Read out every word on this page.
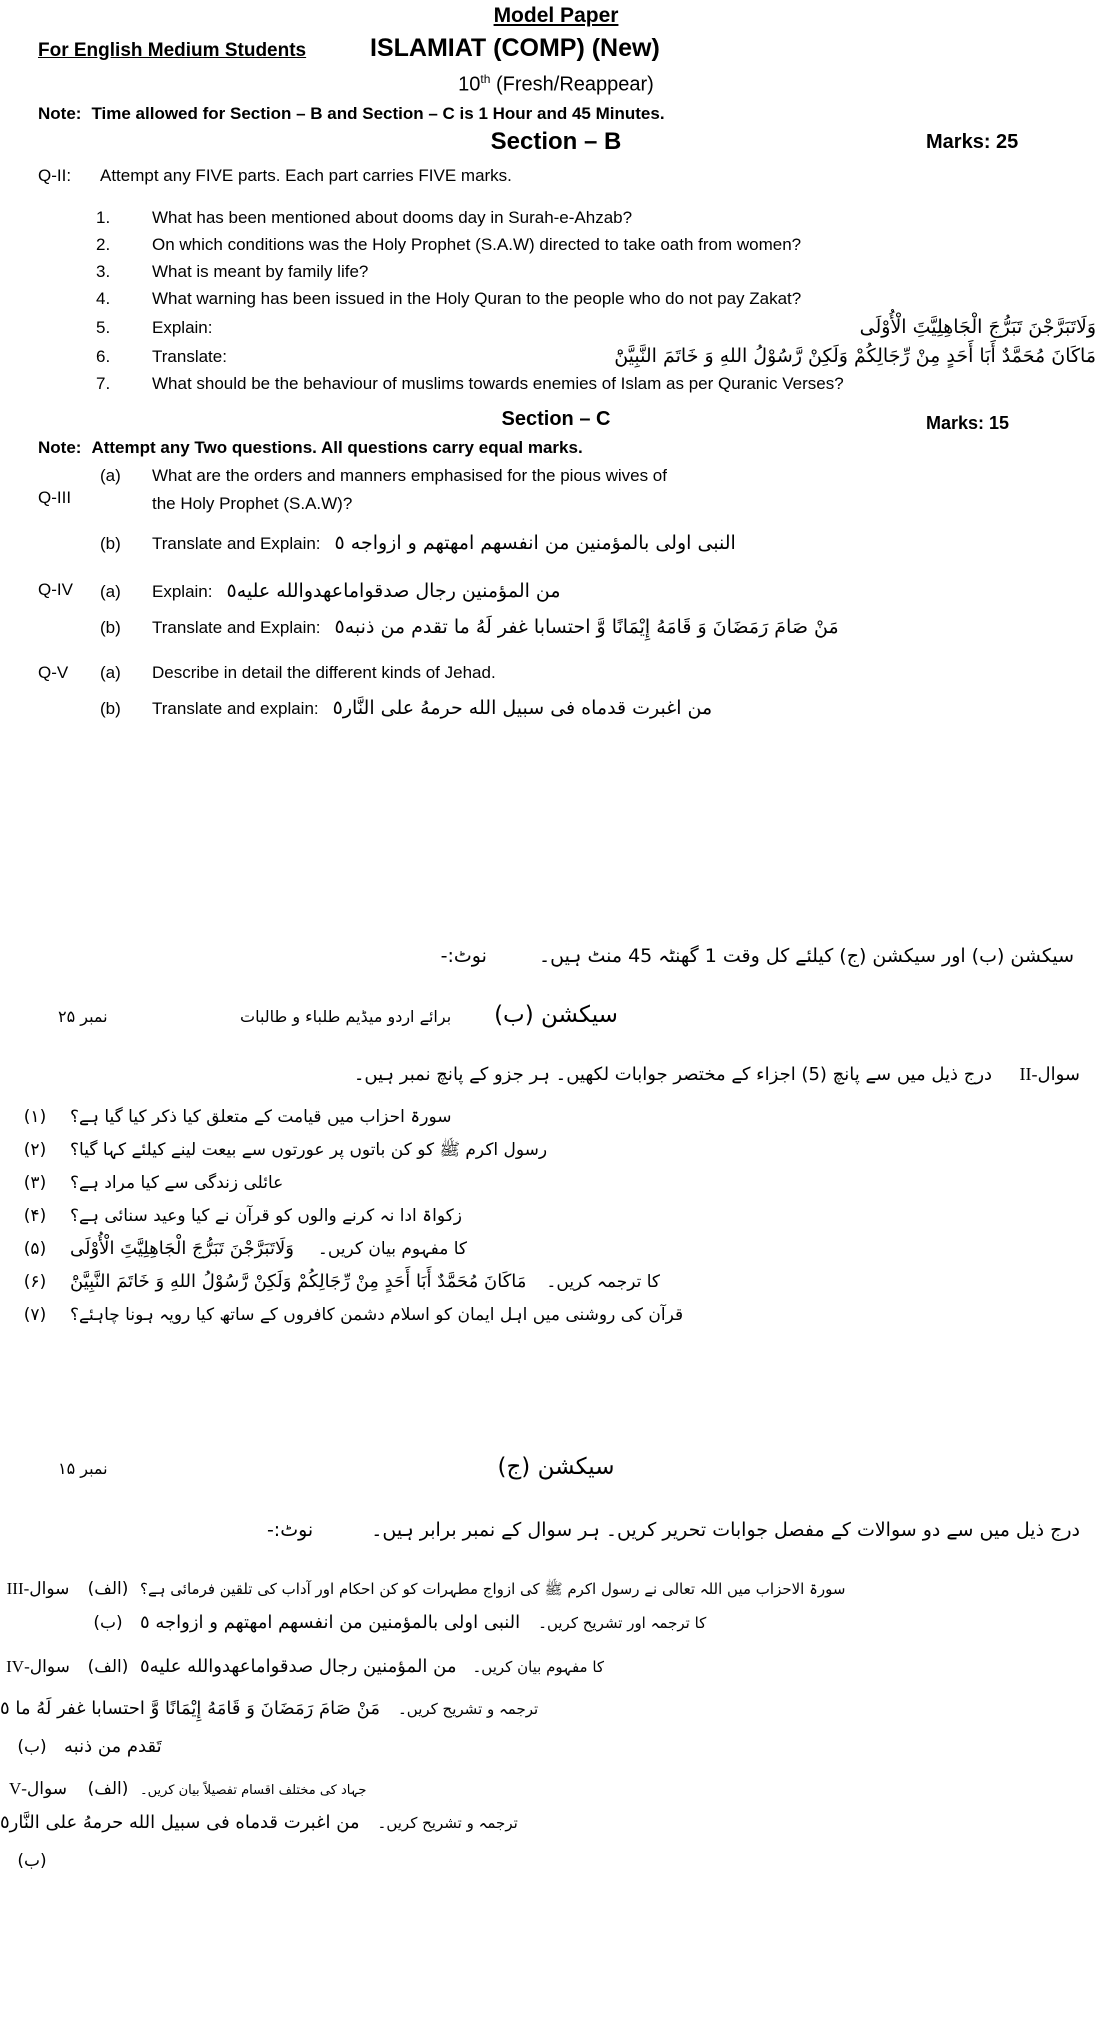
Model Paper
For English Medium Students	ISLAMIAT (COMP) (New)
10th (Fresh/Reappear)
Note: Time allowed for Section – B and Section – C is 1 Hour and 45 Minutes.
Section – B	Marks: 25
Q-II: Attempt any FIVE parts. Each part carries FIVE marks.
1.	What has been mentioned about dooms day in Surah-e-Ahzab?
2.	On which conditions was the Holy Prophet (S.A.W) directed to take oath from women?
3.	What is meant by family life?
4.	What warning has been issued in the Holy Quran to the people who do not pay Zakat?
5.	Explain:	وَلَاتَبَرَّجْنَ تَبَرُّجَ الْجَاهِلِيَّتَِ الْأُوْلَى
6.	Translate:	مَاكَانَ مُحَمَّدٌ أَبَا أَحَدٍ مِنْ رِّجَالِكُمْ وَلَكِنْ رَّسُوْلُ اللهِ وَ خَاتَمَ النَّبِيَّنَْ
7.	What should be the behaviour of muslims towards enemies of Islam as per Quranic Verses?
Section – C	Marks: 15
Note: Attempt any Two questions. All questions carry equal marks.
Q-III
(a)	What are the orders and manners emphasised for the pious wives of
the Holy Prophet (S.A.W)?
(b)	Translate and Explain: النبى اولى بالمؤمنين من انفسهم امهتهم و ازواجه ٥
Q-IV (a)	Explain: من المؤمنين رجال صدقواماعهدوالله عليه٥
(b)	Translate and Explain: مَنْ صَامَ رَمَضَانَ وَ قَامَهُ إِيْمَانًا وَّ احتسابا غفر لَهُ ما تقدم من ذنبه٥
Q-V (a)	Describe in detail the different kinds of Jehad.
(b)	Translate and explain: من اغبرت قدماه فى سبيل الله حرمهُ على النَّار٥
سیکشن (ب) اور سیکشن (ج) کیلئے کل وقت 1 گھنٹہ 45 منٹ ہیں۔  نوٹ:-
سیکشن (ب)
برائے اردو میڈیم طلباء و طالبات
نمبر ۲۵
سوال-II  درج ذیل میں سے پانچ (5) اجزاء کے مختصر جوابات لکھیں۔ ہر جزو کے پانچ نمبر ہیں۔
(۱)	سورۃ احزاب میں قیامت کے متعلق کیا ذکر کیا گیا ہے؟
(۲)	رسول اکرم ﷺ کو کن باتوں پر عورتوں سے بیعت لینے کیلئے کہا گیا؟
(۳)	عائلی زندگی سے کیا مراد ہے؟
(۴)	زکواۃ ادا نہ کرنے والوں کو قرآن نے کیا وعید سنائی ہے؟
(۵)	وَلَاتَبَرَّجْنَ تَبَرُّجَ الْجَاهِلِيَّتَِ الْأُوْلَى کا مفہوم بیان کریں۔
(۶)	مَاكَانَ مُحَمَّدٌ أَبَا أَحَدٍ مِنْ رِّجَالِكُمْ وَلَكِنْ رَّسُوْلُ اللهِ وَ خَاتَمَ النَّبِيَّنَْ کا ترجمہ کریں۔
(۷)	قرآن کی روشنی میں اہل ایمان کو اسلام دشمن کافروں کے ساتھ کیا رویہ ہونا چاہئے؟
سیکشن (ج)
نمبر ۱۵
درج ذیل میں سے دو سوالات کے مفصل جوابات تحریر کریں۔ ہر سوال کے نمبر برابر ہیں۔  نوٹ:-
سوال-III	(الف) سورۃ الاحزاب میں اللہ تعالى نے رسول اکرم ﷺ کی ازواج مطہرات کو کن احکام اور آداب کی تلقین فرمائی ہے؟
(ب) النبى اولى بالمؤمنين من انفسهم امهتهم و ازواجه ٥ کا ترجمہ اور تشریح کریں۔
سوال-IV	(الف) من المؤمنين رجال صدقواماعهدوالله عليه٥ کا مفہوم بیان کریں۔
مَنْ صَامَ رَمَضَانَ وَ قَامَهُ إِيْمَانًا وَّ احتسابا غفر لَهُ ما ٥ ترجمہ و تشریح کریں۔
(ب) تَقدم من ذنبه
سوال-V	(الف) جہاد کی مختلف اقسام تفصیلاً بیان کریں۔
من اغبرت قدماه فى سبيل الله حرمهُ على النَّار٥ ترجمہ و تشریح کریں۔
(ب)
